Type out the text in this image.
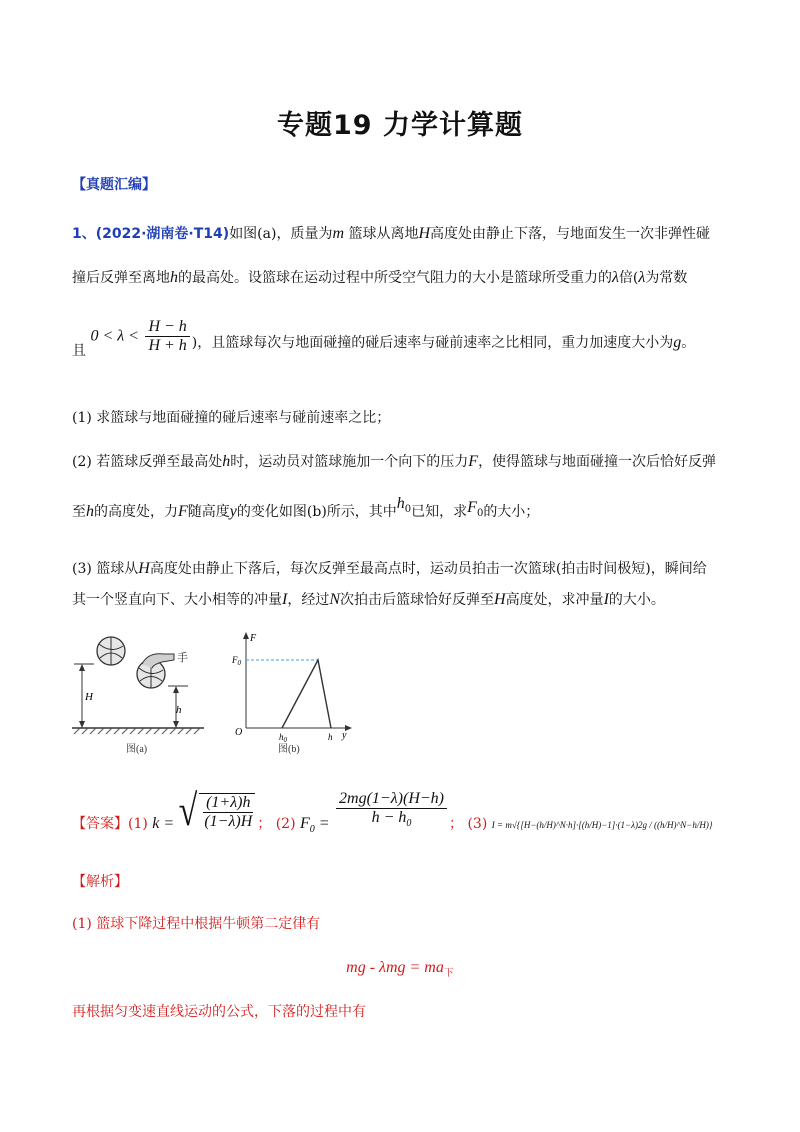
专题19 力学计算题
【真题汇编】
1、(2022·湖南卷·T14)如图(a)，质量为m 篮球从离地H高度处由静止下落，与地面发生一次非弹性碰
撞后反弹至离地h的最高处。设篮球在运动过程中所受空气阻力的大小是篮球所受重力的λ倍(λ为常数
且 $0 < \lambda < \frac{H - h}{H + h}$ )，且篮球每次与地面碰撞的碰后速率与碰前速率之比相同，重力加速度大小为g。
(1) 求篮球与地面碰撞的碰后速率与碰前速率之比；
(2) 若篮球反弹至最高处h时，运动员对篮球施加一个向下的压力F，使得篮球与地面碰撞一次后恰好反弹
至h的高度处，力F随高度y的变化如图(b)所示，其中$h_0$已知，求$F_0$的大小；
(3) 篮球从H高度处由静止下落后，每次反弹至最高点时，运动员拍击一次篮球(拍击时间极短)，瞬间给
其一个竖直向下、大小相等的冲量I，经过N次拍击后篮球恰好反弹至H高度处，求冲量I的大小。
手
H
h
图(a)
F
y
O
$F_0$
$h_0$	h
图(b)
【答案】(1) k = √ $\frac{(1+\lambda)h}{(1-\lambda)H}$ ； (2) $F_0 = \frac{2mg(1-\lambda)(H-h)}{h - h_0}$ ； (3) $_{I = m√\{[H-(h/H)\^{}N\cdot h]\cdot[(h/H)-1]\cdot(1-\lambda)2g / ((h/H)\^{}N-h/H)\}}$
【解析】
(1) 篮球下降过程中根据牛顿第二定律有
mg - $\lambda mg = ma_下$
再根据匀变速直线运动的公式，下落的过程中有
